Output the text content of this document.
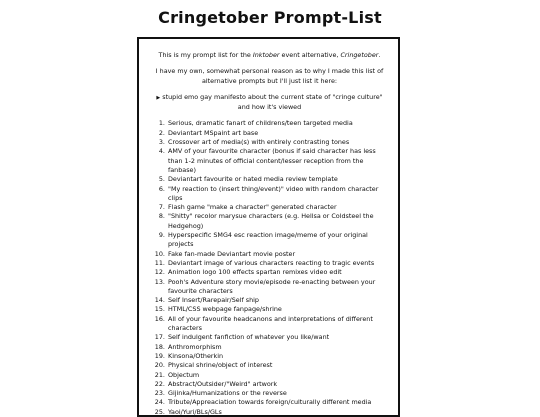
Cringetober Prompt-List

This is my prompt list for the Inktober event alternative, Cringetober.

I have my own, somewhat personal reason as to why I made this list of alternative prompts but I'll just list it here:

▶ stupid emo gay manifesto about the current state of "cringe culture" and how it's viewed
1. Serious, dramatic fanart of childrens/teen targeted media
2. Deviantart MSpaint art base
3. Crossover art of media(s) with entirely contrasting tones
4. AMV of your favourite character (bonus if said character has less than 1-2 minutes of official content/lesser reception from the fanbase)
5. Deviantart favourite or hated media review template
6. "My reaction to (insert thing/event)" video with random character clips
7. Flash game "make a character" generated character
8. "Shitty" recolor marysue characters (e.g. Hellsa or Coldsteel the Hedgehog)
9. Hyperspecific SMG4 esc reaction image/meme of your original projects
10. Fake fan-made Deviantart movie poster
11. Deviantart image of various characters reacting to tragic events
12. Animation logo 100 effects spartan remixes video edit
13. Pooh's Adventure story movie/episode re-enacting between your favourite characters
14. Self Insert/Rarepair/Self ship
15. HTML/CSS webpage fanpage/shrine
16. All of your favourite headcanons and interpretations of different characters
17. Self indulgent fanfiction of whatever you like/want
18. Anthromorphism
19. Kinsona/Otherkin
20. Physical shrine/object of interest
21. Objectum
22. Abstract/Outsider/"Weird" artwork
23. Gijinka/Humanizations or the reverse
24. Tribute/Appreaciation towards foreign/culturally different media
25. Yaoi/Yuri/BLs/GLs
